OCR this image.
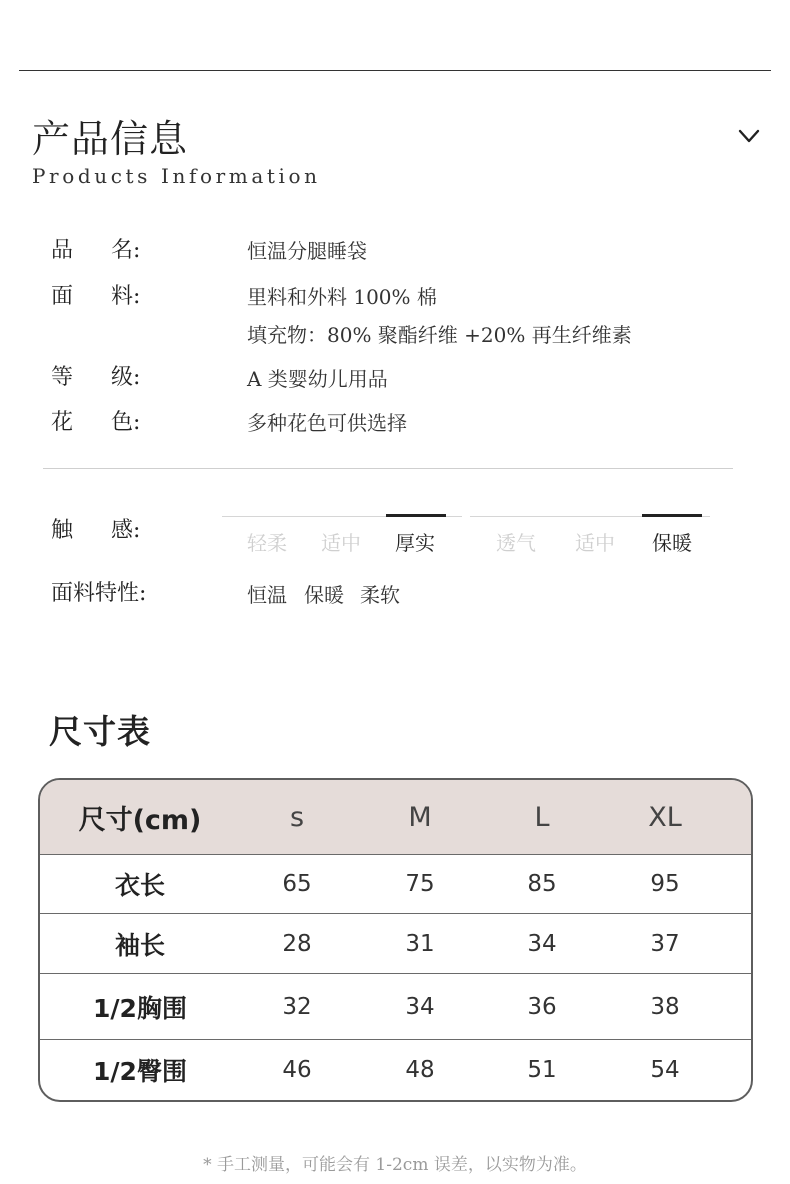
产品信息
Products Information
品 名:	恒温分腿睡袋
面 料:	里料和外料 100% 棉
填充物：80% 聚酯纤维 +20% 再生纤维素
等 级:	A 类婴幼儿用品
花 色:	多种花色可供选择
触 感:	轻柔 适中 厚实	透气 适中 保暖
面料特性:	恒温 保暖 柔软
尺寸表
尺寸(cm)	s	M	L	XL
衣长	65	75	85	95
袖长	28	31	34	37
1/2胸围	32	34	36	38
1/2臀围	46	48	51	54
* 手工测量，可能会有 1-2cm 误差，以实物为准。
